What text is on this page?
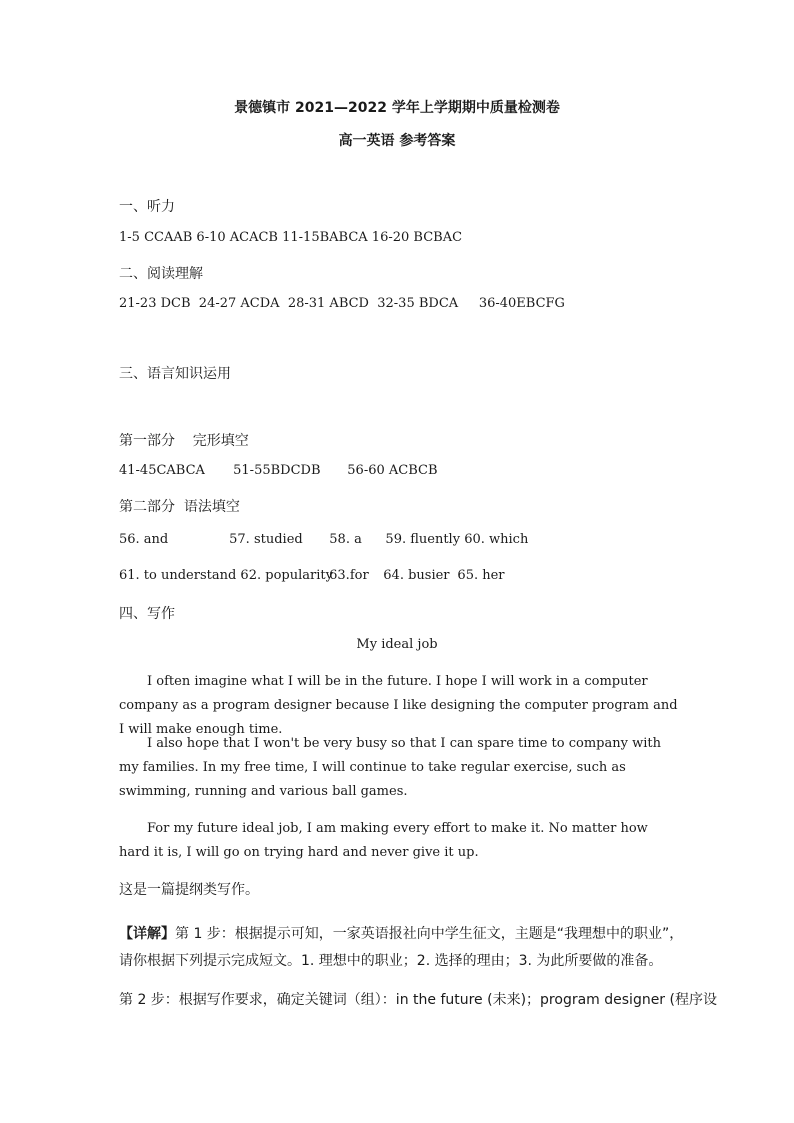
景德镇市 2021—2022 学年上学期期中质量检测卷
高一英语 参考答案
一、听力
1-5 CCAAB 6-10 ACACB 11-15BABCA 16-20 BCBAC
二、阅读理解
21-23 DCB  24-27 ACDA  28-31 ABCD  32-35 BDCA     36-40EBCFG
三、语言知识运用
第一部分    完形填空
41-45CABCA 51-55BDCDB 56-60 ACBCB
第二部分  语法填空
56. and	57. studied 58. a 59. fluently 60. which
61. to understand 62. popularity 63.for 64. busier 65. her
四、写作
My ideal job
I often imagine what I will be in the future. I hope I will work in a computer company as a program designer because I like designing the computer program and I will make enough time.
I also hope that I won't be very busy so that I can spare time to company with my families. In my free time, I will continue to take regular exercise, such as swimming, running and various ball games.
For my future ideal job, I am making every effort to make it. No matter how hard it is, I will go on trying hard and never give it up.
这是一篇提纲类写作。
【详解】第 1 步：根据提示可知，一家英语报社向中学生征文，主题是“我理想中的职业”，请你根据下列提示完成短文。1. 理想中的职业；2. 选择的理由；3. 为此所要做的准备。
第 2 步：根据写作要求，确定关键词（组）：in the future (未来)；program designer (程序设
